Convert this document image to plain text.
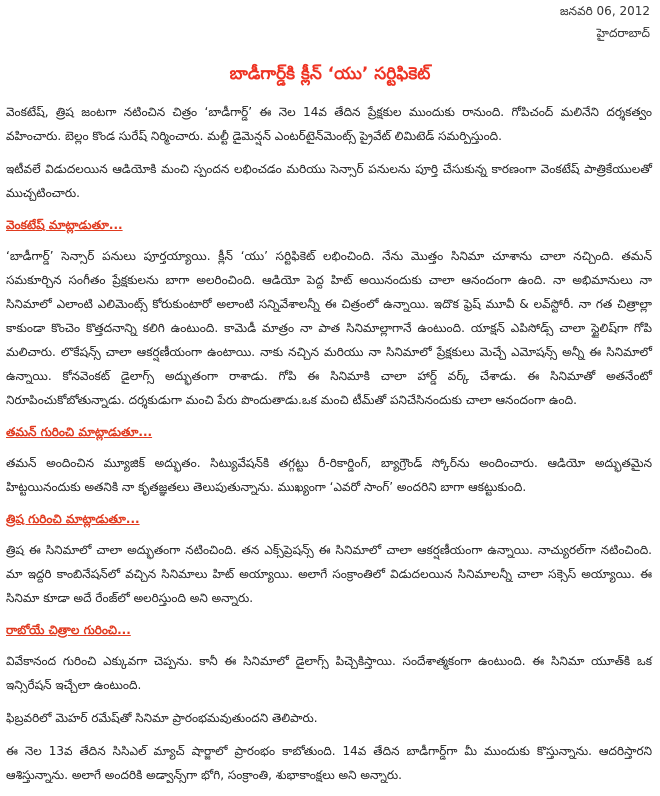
జనవరి 06, 2012
హైదరాబాద్
బాడీగార్డ్‌కి క్లీన్‌ ‘యు’ సర్టిఫికెట్‌

వెంకటేష్‌, త్రిష జంటగా నటించిన చిత్రం ‘బాడీగార్డ్‌’ ఈ నెల 14వ తేదిన ప్రేక్షకుల ముందుకు రానుంది. గోపిచంద్‌ మలినేని దర్శకత్వం వహించారు. బెల్లం కొండ సురేష్‌ నిర్మించారు. మల్టీ డైమెన్షన్‌ ఎంటర్‌టైన్‌మెంట్స్‌ ప్రైవేట్‌ లిమిటెడ్‌ సమర్పిస్తుంది.

ఇటీవలే విడుదలయిన ఆడియోకి మంచి స్పందన లభించడం మరియు సెన్సార్‌ పనులను పూర్తి చేసుకున్న కారణంగా వెంకటేష్‌ పాత్రికేయులతో ముచ్చటించారు.

వెంకటేష్‌ మాట్లాడుతూ...

‘బాడీగార్డ్‌’ సెన్సార్‌ పనులు పూర్తయ్యాయి. క్లీన్‌ ‘యు’ సర్టిఫికెట్‌ లభించింది. నేను మొత్తం సినిమా చూశాను చాలా నచ్చింది. తమన్‌ సమకూర్చిన సంగీతం ప్రేక్షకులను బాగా అలరించింది. ఆడియో పెద్ద హిట్‌ అయినందుకు చాలా ఆనందంగా ఉంది. నా అభిమానులు నా సినిమాలో ఎలాంటి ఎలిమెంట్స్‌ కోరుకుంటారో అలాంటి సన్నివేశాలన్నీ ఈ చిత్రంలో ఉన్నాయి. ఇదొక ఫ్రెష్‌ మూవీ & లవ్‌స్టోరీ. నా గత చిత్రాల్లా కాకుండా కొంచెం కొత్తదనాన్ని కలిగి ఉంటుంది. కామెడీ మాత్రం నా పాత సినిమాల్లాగానే ఉంటుంది. యాక్షన్‌ ఎపిసోడ్స్‌ చాలా స్టైలిష్‌గా గోపి మలిచారు. లొకేషన్స్‌ చాలా ఆకర్షణీయంగా ఉంటాయి. నాకు నచ్చిన మరియు నా సినిమాలో ప్రేక్షకులు మెచ్చే ఎమోషన్స్‌ అన్నీ ఈ సినిమాలో ఉన్నాయి. కోనవెంకట్‌ డైలాగ్స్‌ అద్భుతంగా రాశాడు. గోపి ఈ సినిమాకి చాలా హార్డ్‌ వర్క్‌ చేశాడు. ఈ సినిమాతో అతనేంటో నిరూపించుకోబోతున్నాడు. దర్శకుడుగా మంచి పేరు పొందుతాడు.ఒక మంచి టీమ్‌తో పనిచేసినందుకు చాలా ఆనందంగా ఉంది.

తమన్‌ గురించి మాట్లాడుతూ...

తమన్‌ అందించిన మ్యూజిక్‌ అద్భుతం. సిట్యువేషన్‌కి తగ్గట్టు రీ-రికార్డింగ్‌, బ్యాగ్రౌండ్‌ స్కోర్‌ను అందించారు. ఆడియో అద్భుతమైన హిట్టయినందుకు అతనికి నా కృతజ్ఞతలు తెలుపుతున్నాను. ముఖ్యంగా ‘ఎవరో సాంగ్‌’ అందరిని బాగా ఆకట్టుకుంది.

త్రిష గురించి మాట్లాడుతూ...

త్రిష ఈ సినిమాలో చాలా అద్భుతంగా నటించింది. తన ఎక్స్‌ప్రెషన్స్‌ ఈ సినిమాలో చాలా ఆకర్షణీయంగా ఉన్నాయి. నాచ్యురల్‌గా నటించింది. మా ఇద్దరి కాంబినేషన్‌లో వచ్చిన సినిమాలు హిట్‌ అయ్యాయి. అలాగే సంక్రాంతిలో విడుదలయిన సినిమాలన్నీ చాలా సక్సెస్‌ అయ్యాయి. ఈ సినిమా కూడా అదే రేంజ్‌లో అలరిస్తుంది అని అన్నారు.

రాబోయే చిత్రాల గురించి...

వివేకానంద గురించి ఎక్కువగా చెప్పను. కానీ ఈ సినిమాలో డైలాగ్స్‌ పిచ్చెకిస్తాయి. సందేశాత్మకంగా ఉంటుంది. ఈ సినిమా యూత్‌కి ఒక ఇన్సిరేషన్‌ ఇచ్చేలా ఉంటుంది.

ఫిబ్రవరిలో మెహర్‌ రమేష్‌తో సినిమా ప్రారంభమవుతుందని తెలిపారు.

ఈ నెల 13వ తేదిన సిసిఎల్‌ మ్యాచ్‌ షార్జాలో ప్రారంభం కాబోతుంది. 14వ తేదిన బాడీగార్డ్‌గా మీ ముందుకు కొస్తున్నాను. ఆదరిస్తారని ఆశిస్తున్నాను. అలాగే అందరికి అడ్వాన్స్‌గా భోగి, సంక్రాంతి, శుభాకాంక్షలు అని అన్నారు.
